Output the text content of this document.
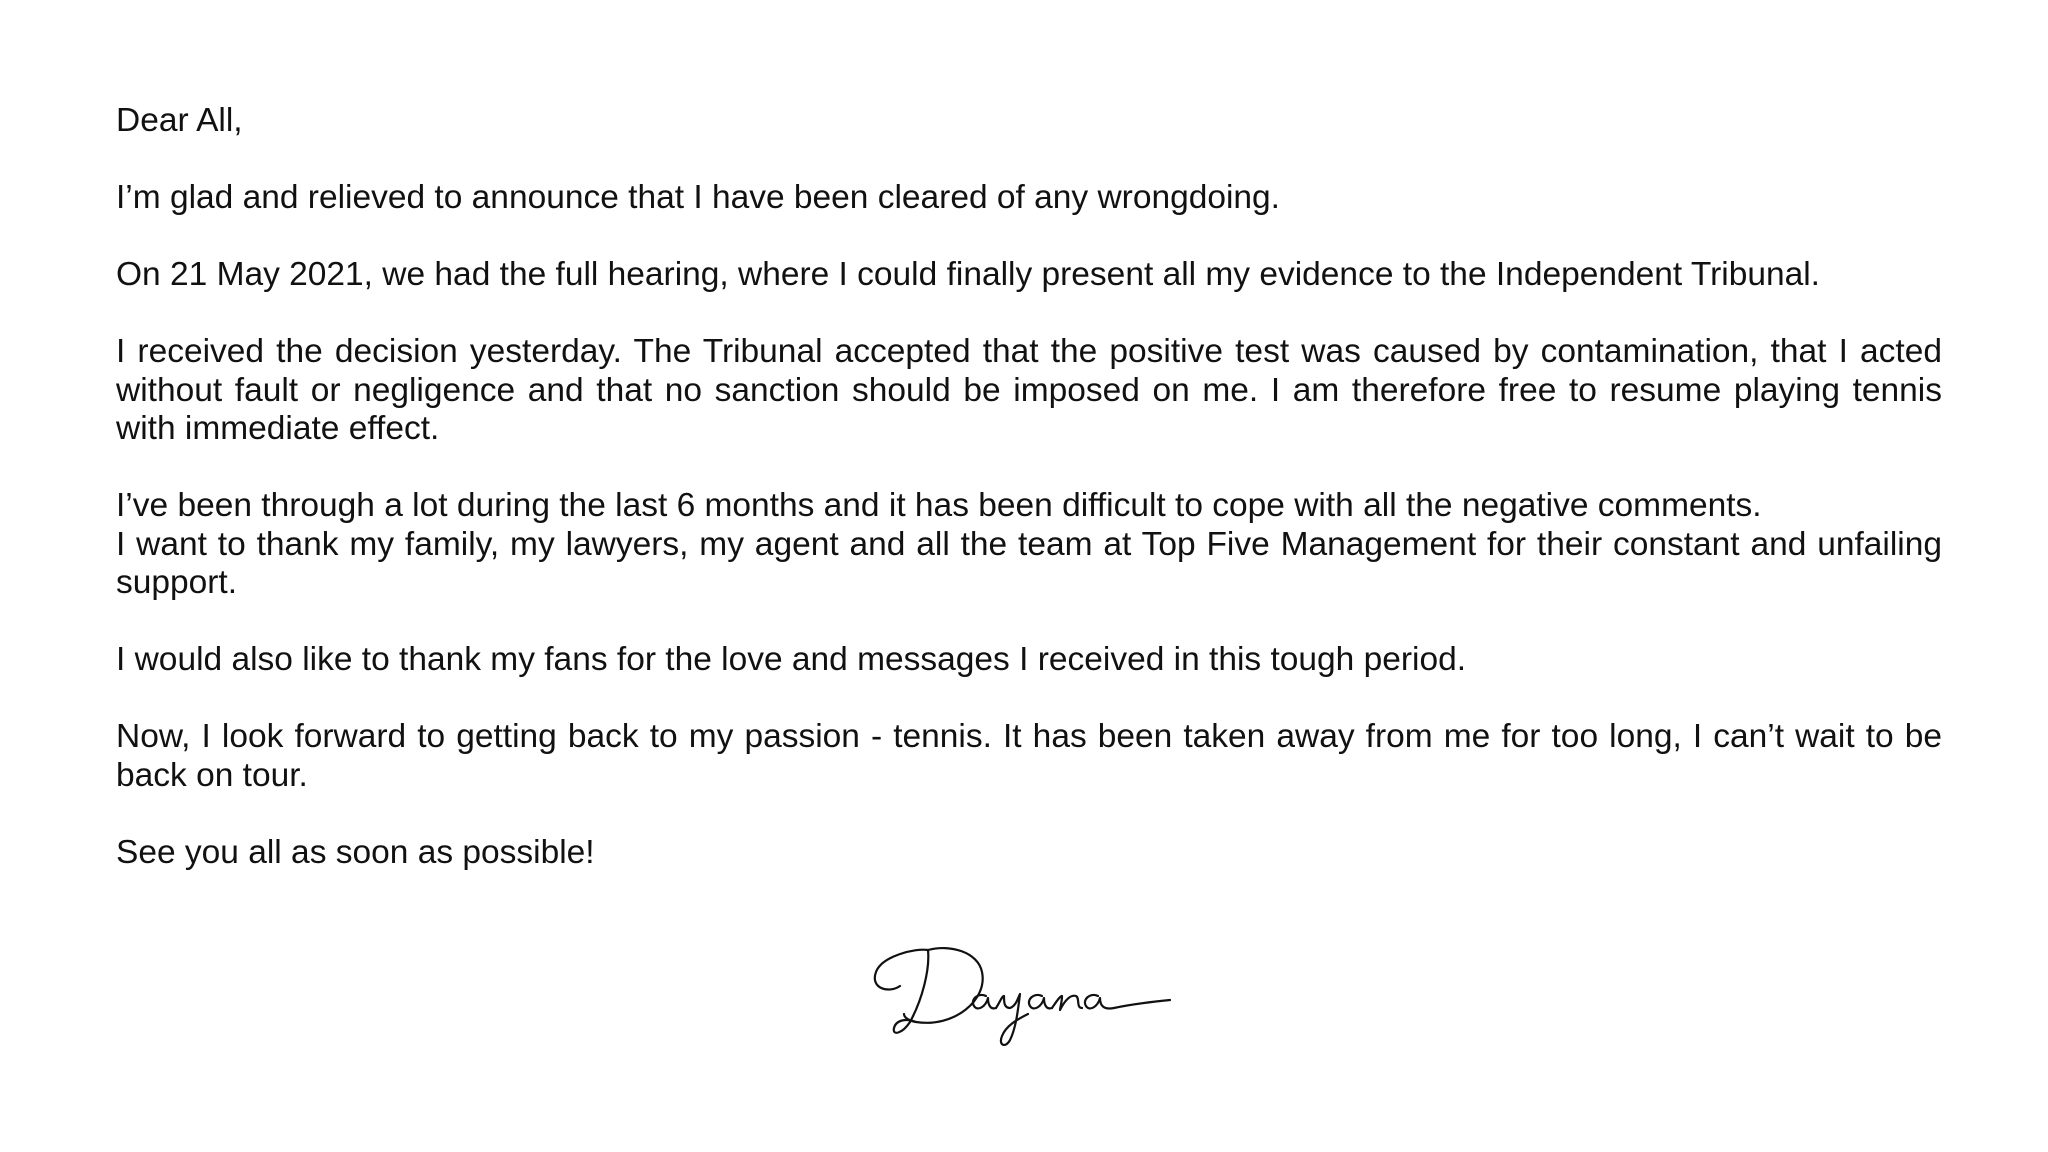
Dear All,

I’m glad and relieved to announce that I have been cleared of any wrongdoing.

On 21 May 2021, we had the full hearing, where I could finally present all my evidence to the Independent Tribunal.

I received the decision yesterday. The Tribunal accepted that the positive test was caused by contamination, that I acted without fault or negligence and that no sanction should be imposed on me. I am therefore free to resume playing tennis with immediate effect.

I’ve been through a lot during the last 6 months and it has been difficult to cope with all the negative comments.
I want to thank my family, my lawyers, my agent and all the team at Top Five Management for their constant and unfailing support.

I would also like to thank my fans for the love and messages I received in this tough period.

Now, I look forward to getting back to my passion - tennis. It has been taken away from me for too long, I can’t wait to be back on tour.

See you all as soon as possible!
